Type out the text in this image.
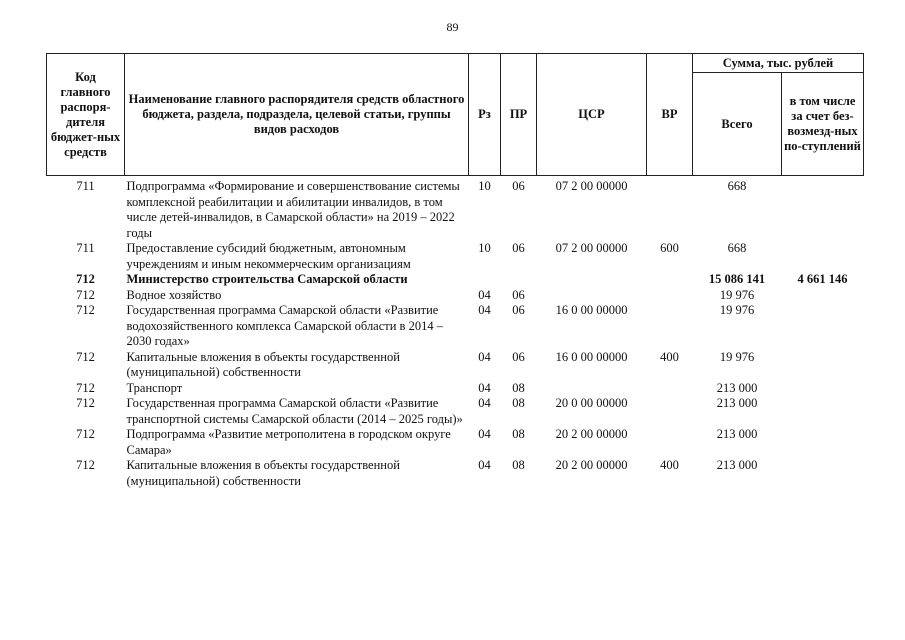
89
Код главного распоря-дителя бюджет-ных средств	Наименование главного распорядителя средств областного бюджета, раздела, подраздела, целевой статьи, группы видов расходов	Рз	ПР	ЦСР	ВР	Сумма, тыс. рублей	
						Всего	в том числе за счет без-возмезд-ных по-ступлений
711	Подпрограмма «Формирование и совершенствование системы комплексной реабилитации и абилитации инвалидов, в том числе детей-инвалидов, в Самарской области» на 2019 – 2022 годы	10	06	07 2 00 00000		668	
711	Предоставление субсидий бюджетным, автономным учреждениям и иным некоммерческим организациям	10	06	07 2 00 00000	600	668	
712	Министерство строительства Самарской области					15 086 141	4 661 146
712	Водное хозяйство	04	06			19 976	
712	Государственная программа Самарской области «Развитие водохозяйственного комплекса Самарской области в 2014 – 2030 годах»	04	06	16 0 00 00000		19 976	
712	Капитальные вложения в объекты государственной (муниципальной) собственности	04	06	16 0 00 00000	400	19 976	
712	Транспорт	04	08			213 000	
712	Государственная программа Самарской области «Развитие транспортной системы Самарской области (2014 – 2025 годы)»	04	08	20 0 00 00000		213 000	
712	Подпрограмма «Развитие метрополитена в городском округе Самара»	04	08	20 2 00 00000		213 000	
712	Капитальные вложения в объекты государственной (муниципальной) собственности	04	08	20 2 00 00000	400	213 000	
